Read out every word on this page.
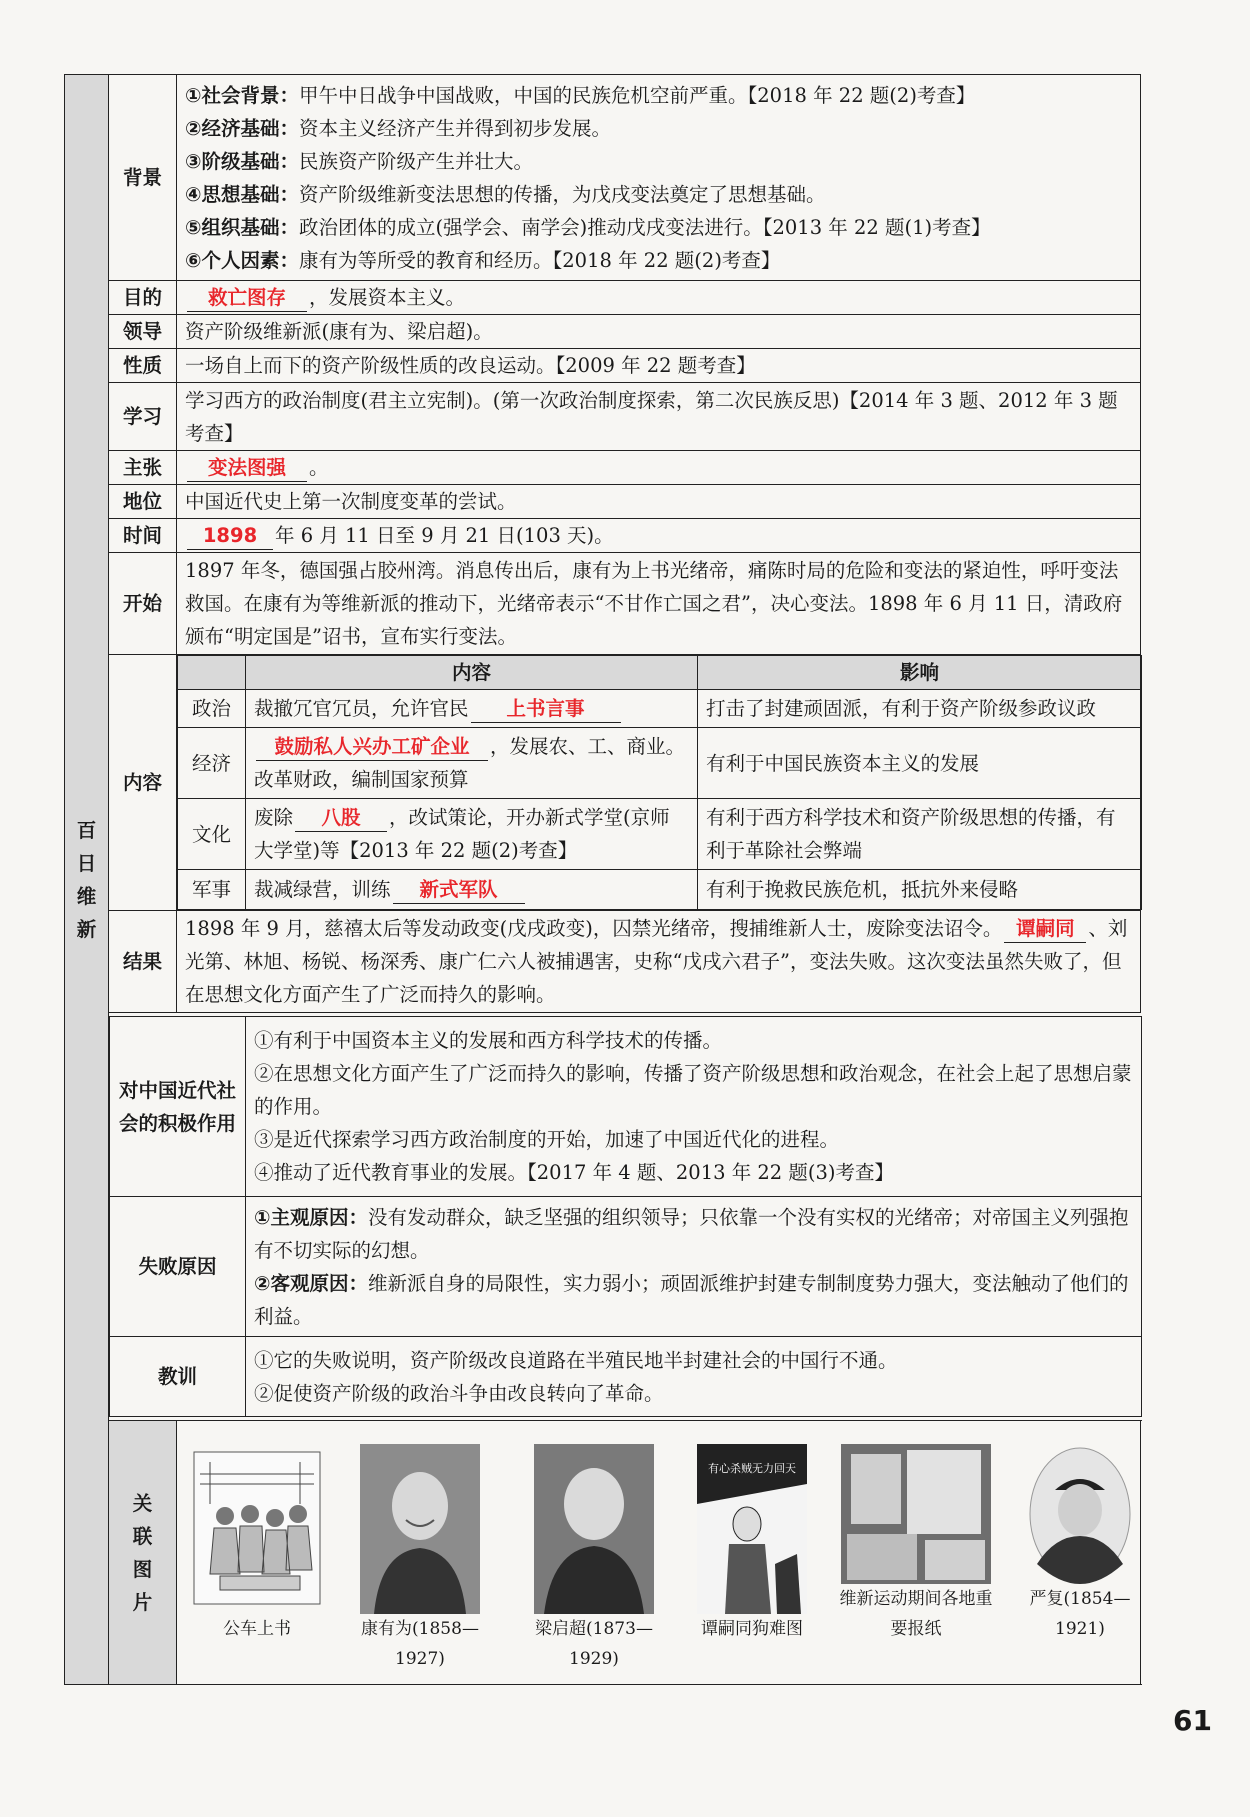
百日维新	背景	
①社会背景：甲午中日战争中国战败，中国的民族危机空前严重。【2018 年 22 题(2)考查】
②经济基础：资本主义经济产生并得到初步发展。
③阶级基础：民族资产阶级产生并壮大。
④思想基础：资产阶级维新变法思想的传播，为戊戌变法奠定了思想基础。
⑤组织基础：政治团体的成立(强学会、南学会)推动戊戌变法进行。【2013 年 22 题(1)考查】
⑥个人因素：康有为等所受的教育和经历。【2018 年 22 题(2)考查】

目的	救亡图存 ，发展资本主义。
领导	资产阶级维新派(康有为、梁启超)。
性质	一场自上而下的资产阶级性质的改良运动。【2009 年 22 题考查】
学习	学习西方的政治制度(君主立宪制)。(第一次政治制度探索，第二次民族反思)【2014 年 3 题、2012 年 3 题考查】
主张	变法图强 。
地位	中国近代史上第一次制度变革的尝试。
时间	1898 年 6 月 11 日至 9 月 21 日(103 天)。
开始	1897 年冬，德国强占胶州湾。消息传出后，康有为上书光绪帝，痛陈时局的危险和变法的紧迫性，呼吁变法救国。在康有为等维新派的推动下，光绪帝表示“不甘作亡国之君”，决心变法。1898 年 6 月 11 日，清政府颁布“明定国是”诏书，宣布实行变法。
内容	
	内容	影响
政治	裁撤冗官冗员，允许官民 上书言事	打击了封建顽固派，有利于资产阶级参政议政
经济	鼓励私人兴办工矿企业 ，发展农、工、商业。改革财政，编制国家预算	有利于中国民族资本主义的发展
文化	废除 八股 ，改试策论，开办新式学堂(京师大学堂)等【2013 年 22 题(2)考查】	有利于西方科学技术和资产阶级思想的传播，有利于革除社会弊端
军事	裁减绿营，训练 新式军队	有利于挽救民族危机，抵抗外来侵略

结果	1898 年 9 月，慈禧太后等发动政变(戊戌政变)，囚禁光绪帝，搜捕维新人士，废除变法诏令。 谭嗣同 、刘光第、林旭、杨锐、杨深秀、康广仁六人被捕遇害，史称“戊戌六君子”，变法失败。这次变法虽然失败了，但在思想文化方面产生了广泛而持久的影响。

对中国近代社会的积极作用	
①有利于中国资本主义的发展和西方科学技术的传播。
②在思想文化方面产生了广泛而持久的影响，传播了资产阶级思想和政治观念，在社会上起了思想启蒙的作用。
③是近代探索学习西方政治制度的开始，加速了中国近代化的进程。
④推动了近代教育事业的发展。【2017 年 4 题、2013 年 22 题(3)考查】

失败原因	
①主观原因：没有发动群众，缺乏坚强的组织领导；只依靠一个没有实权的光绪帝；对帝国主义列强抱有不切实际的幻想。
②客观原因：维新派自身的局限性，实力弱小；顽固派维护封建专制制度势力强大，变法触动了他们的利益。

教训	
①它的失败说明，资产阶级改良道路在半殖民地半封建社会的中国行不通。
②促使资产阶级的政治斗争由改良转向了革命。

关联图片	
公车上书	康有为(1858—1927)
梁启超(1873—1929)
有心杀贼无力回天
谭嗣同狗难图
维新运动期间各地重要报纸
严复(1854—1921)
61
